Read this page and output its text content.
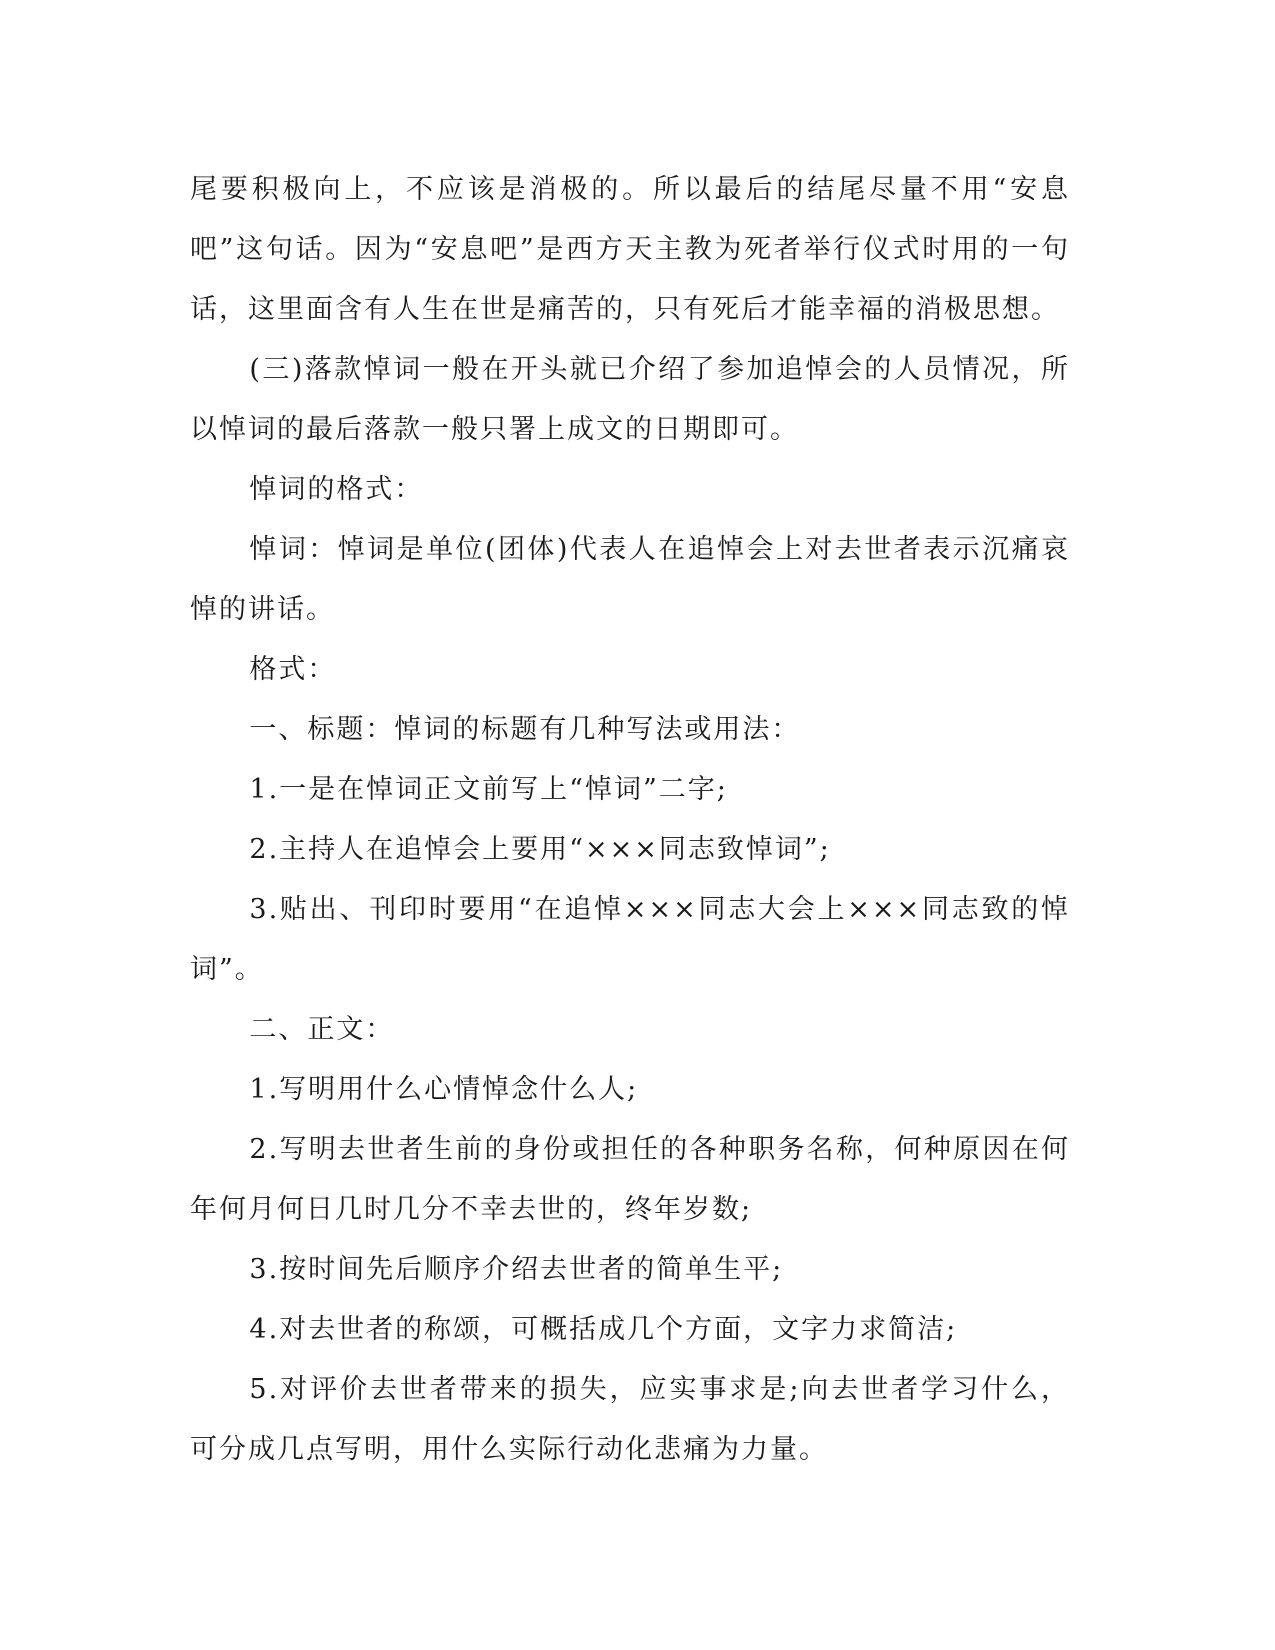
尾要积极向上，不应该是消极的。所以最后的结尾尽量不用“安息吧”这句话。因为“安息吧”是西方天主教为死者举行仪式时用的一句话，这里面含有人生在世是痛苦的，只有死后才能幸福的消极思想。

(三)落款悼词一般在开头就已介绍了参加追悼会的人员情况，所以悼词的最后落款一般只署上成文的日期即可。

悼词的格式：

悼词：悼词是单位(团体)代表人在追悼会上对去世者表示沉痛哀悼的讲话。

格式：

一、标题：悼词的标题有几种写法或用法：

1.一是在悼词正文前写上“悼词”二字;

2.主持人在追悼会上要用“×××同志致悼词”;

3.贴出、刊印时要用“在追悼×××同志大会上×××同志致的悼词”。

二、正文：

1.写明用什么心情悼念什么人;

2.写明去世者生前的身份或担任的各种职务名称，何种原因在何年何月何日几时几分不幸去世的，终年岁数;

3.按时间先后顺序介绍去世者的简单生平;

4.对去世者的称颂，可概括成几个方面，文字力求简洁;

5.对评价去世者带来的损失，应实事求是;向去世者学习什么，可分成几点写明，用什么实际行动化悲痛为力量。
